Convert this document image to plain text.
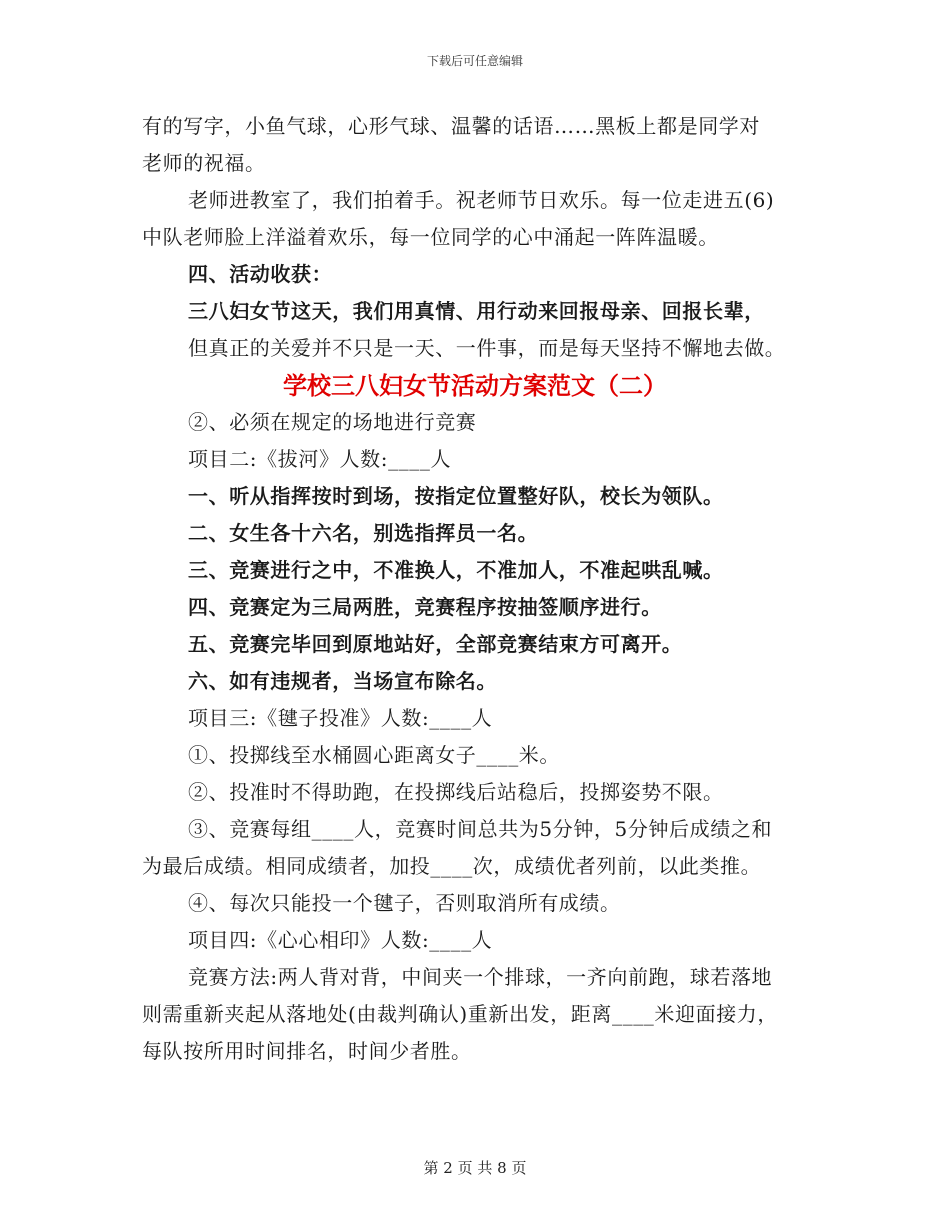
下载后可任意编辑
有的写字，小鱼气球，心形气球、温馨的话语……黑板上都是同学对
老师的祝福。
老师进教室了，我们拍着手。祝老师节日欢乐。每一位走进五(6)
中队老师脸上洋溢着欢乐，每一位同学的心中涌起一阵阵温暖。
四、活动收获：
三八妇女节这天，我们用真情、用行动来回报母亲、回报长辈，
但真正的关爱并不只是一天、一件事，而是每天坚持不懈地去做。
学校三八妇女节活动方案范文（二）
②、必须在规定的场地进行竞赛
项目二:《拔河》人数:____人
一、听从指挥按时到场，按指定位置整好队，校长为领队。
二、女生各十六名，别选指挥员一名。
三、竞赛进行之中，不准换人，不准加人，不准起哄乱喊。
四、竞赛定为三局两胜，竞赛程序按抽签顺序进行。
五、竞赛完毕回到原地站好，全部竞赛结束方可离开。
六、如有违规者，当场宣布除名。
项目三:《毽子投准》人数:____人
①、投掷线至水桶圆心距离女子____米。
②、投准时不得助跑，在投掷线后站稳后，投掷姿势不限。
③、竞赛每组____人，竞赛时间总共为5分钟，5分钟后成绩之和
为最后成绩。相同成绩者，加投____次，成绩优者列前，以此类推。
④、每次只能投一个毽子，否则取消所有成绩。
项目四:《心心相印》人数:____人
竞赛方法:两人背对背，中间夹一个排球，一齐向前跑，球若落地
则需重新夹起从落地处(由裁判确认)重新出发，距离____米迎面接力，
每队按所用时间排名，时间少者胜。
第 2 页 共 8 页
